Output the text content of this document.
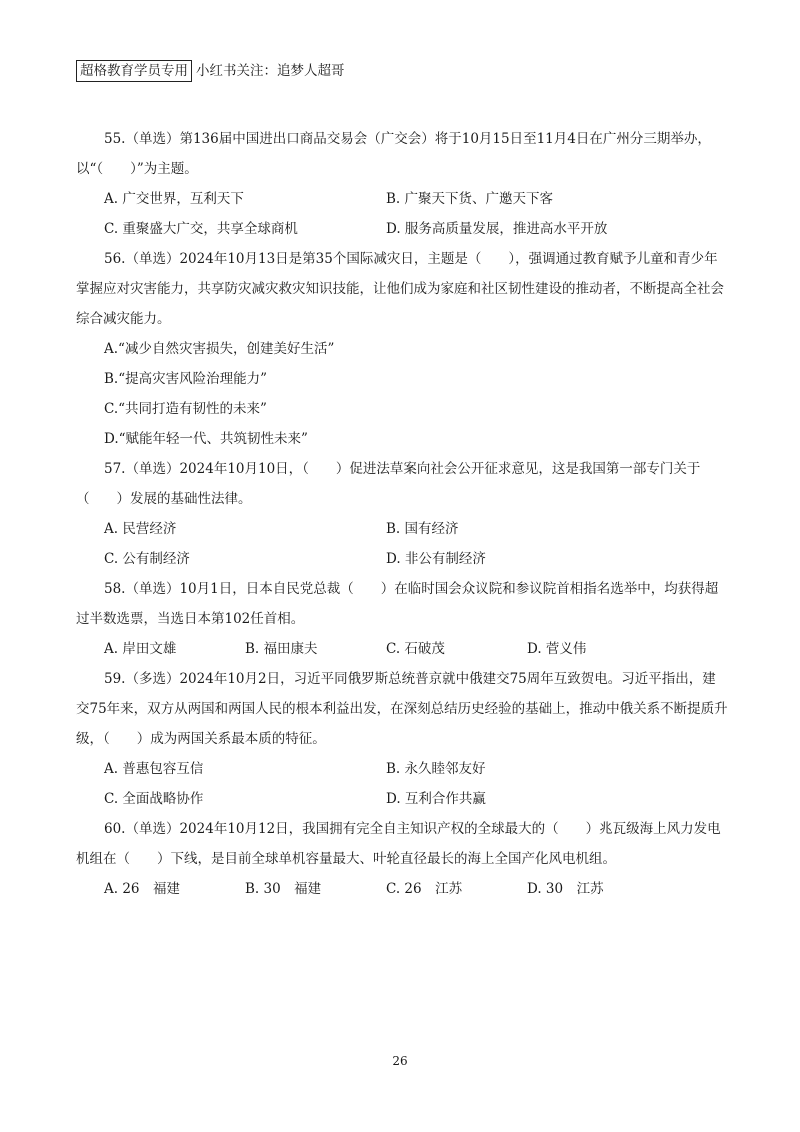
超格教育学员专用 小红书关注：追梦人超哥

55.（单选）第136届中国进出口商品交易会（广交会）将于10月15日至11月4日在广州分三期举办，以“（　　）”为主题。

A. 广交世界，互利天下	B. 广聚天下货、广邀天下客
C. 重聚盛大广交，共享全球商机	D. 服务高质量发展，推进高水平开放

56.（单选）2024年10月13日是第35个国际减灾日，主题是（　　），强调通过教育赋予儿童和青少年掌握应对灾害能力，共享防灾减灾救灾知识技能，让他们成为家庭和社区韧性建设的推动者，不断提高全社会综合减灾能力。

A.“减少自然灾害损失，创建美好生活”
B.“提高灾害风险治理能力”
C.“共同打造有韧性的未来”
D.“赋能年轻一代、共筑韧性未来”

57.（单选）2024年10月10日，（　　）促进法草案向社会公开征求意见，这是我国第一部专门关于（　　）发展的基础性法律。

A. 民营经济	B. 国有经济
C. 公有制经济	D. 非公有制经济

58.（单选）10月1日，日本自民党总裁（　　）在临时国会众议院和参议院首相指名选举中，均获得超过半数选票，当选日本第102任首相。

A. 岸田文雄	B. 福田康夫	C. 石破茂	D. 菅义伟

59.（多选）2024年10月2日，习近平同俄罗斯总统普京就中俄建交75周年互致贺电。习近平指出，建交75年来，双方从两国和两国人民的根本利益出发，在深刻总结历史经验的基础上，推动中俄关系不断提质升级，（　　）成为两国关系最本质的特征。

A. 普惠包容互信	B. 永久睦邻友好
C. 全面战略协作	D. 互利合作共赢

60.（单选）2024年10月12日，我国拥有完全自主知识产权的全球最大的（　　）兆瓦级海上风力发电机组在（　　）下线，是目前全球单机容量最大、叶轮直径最长的海上全国产化风电机组。

A. 26　福建	B. 30　福建	C. 26　江苏	D. 30　江苏
26
